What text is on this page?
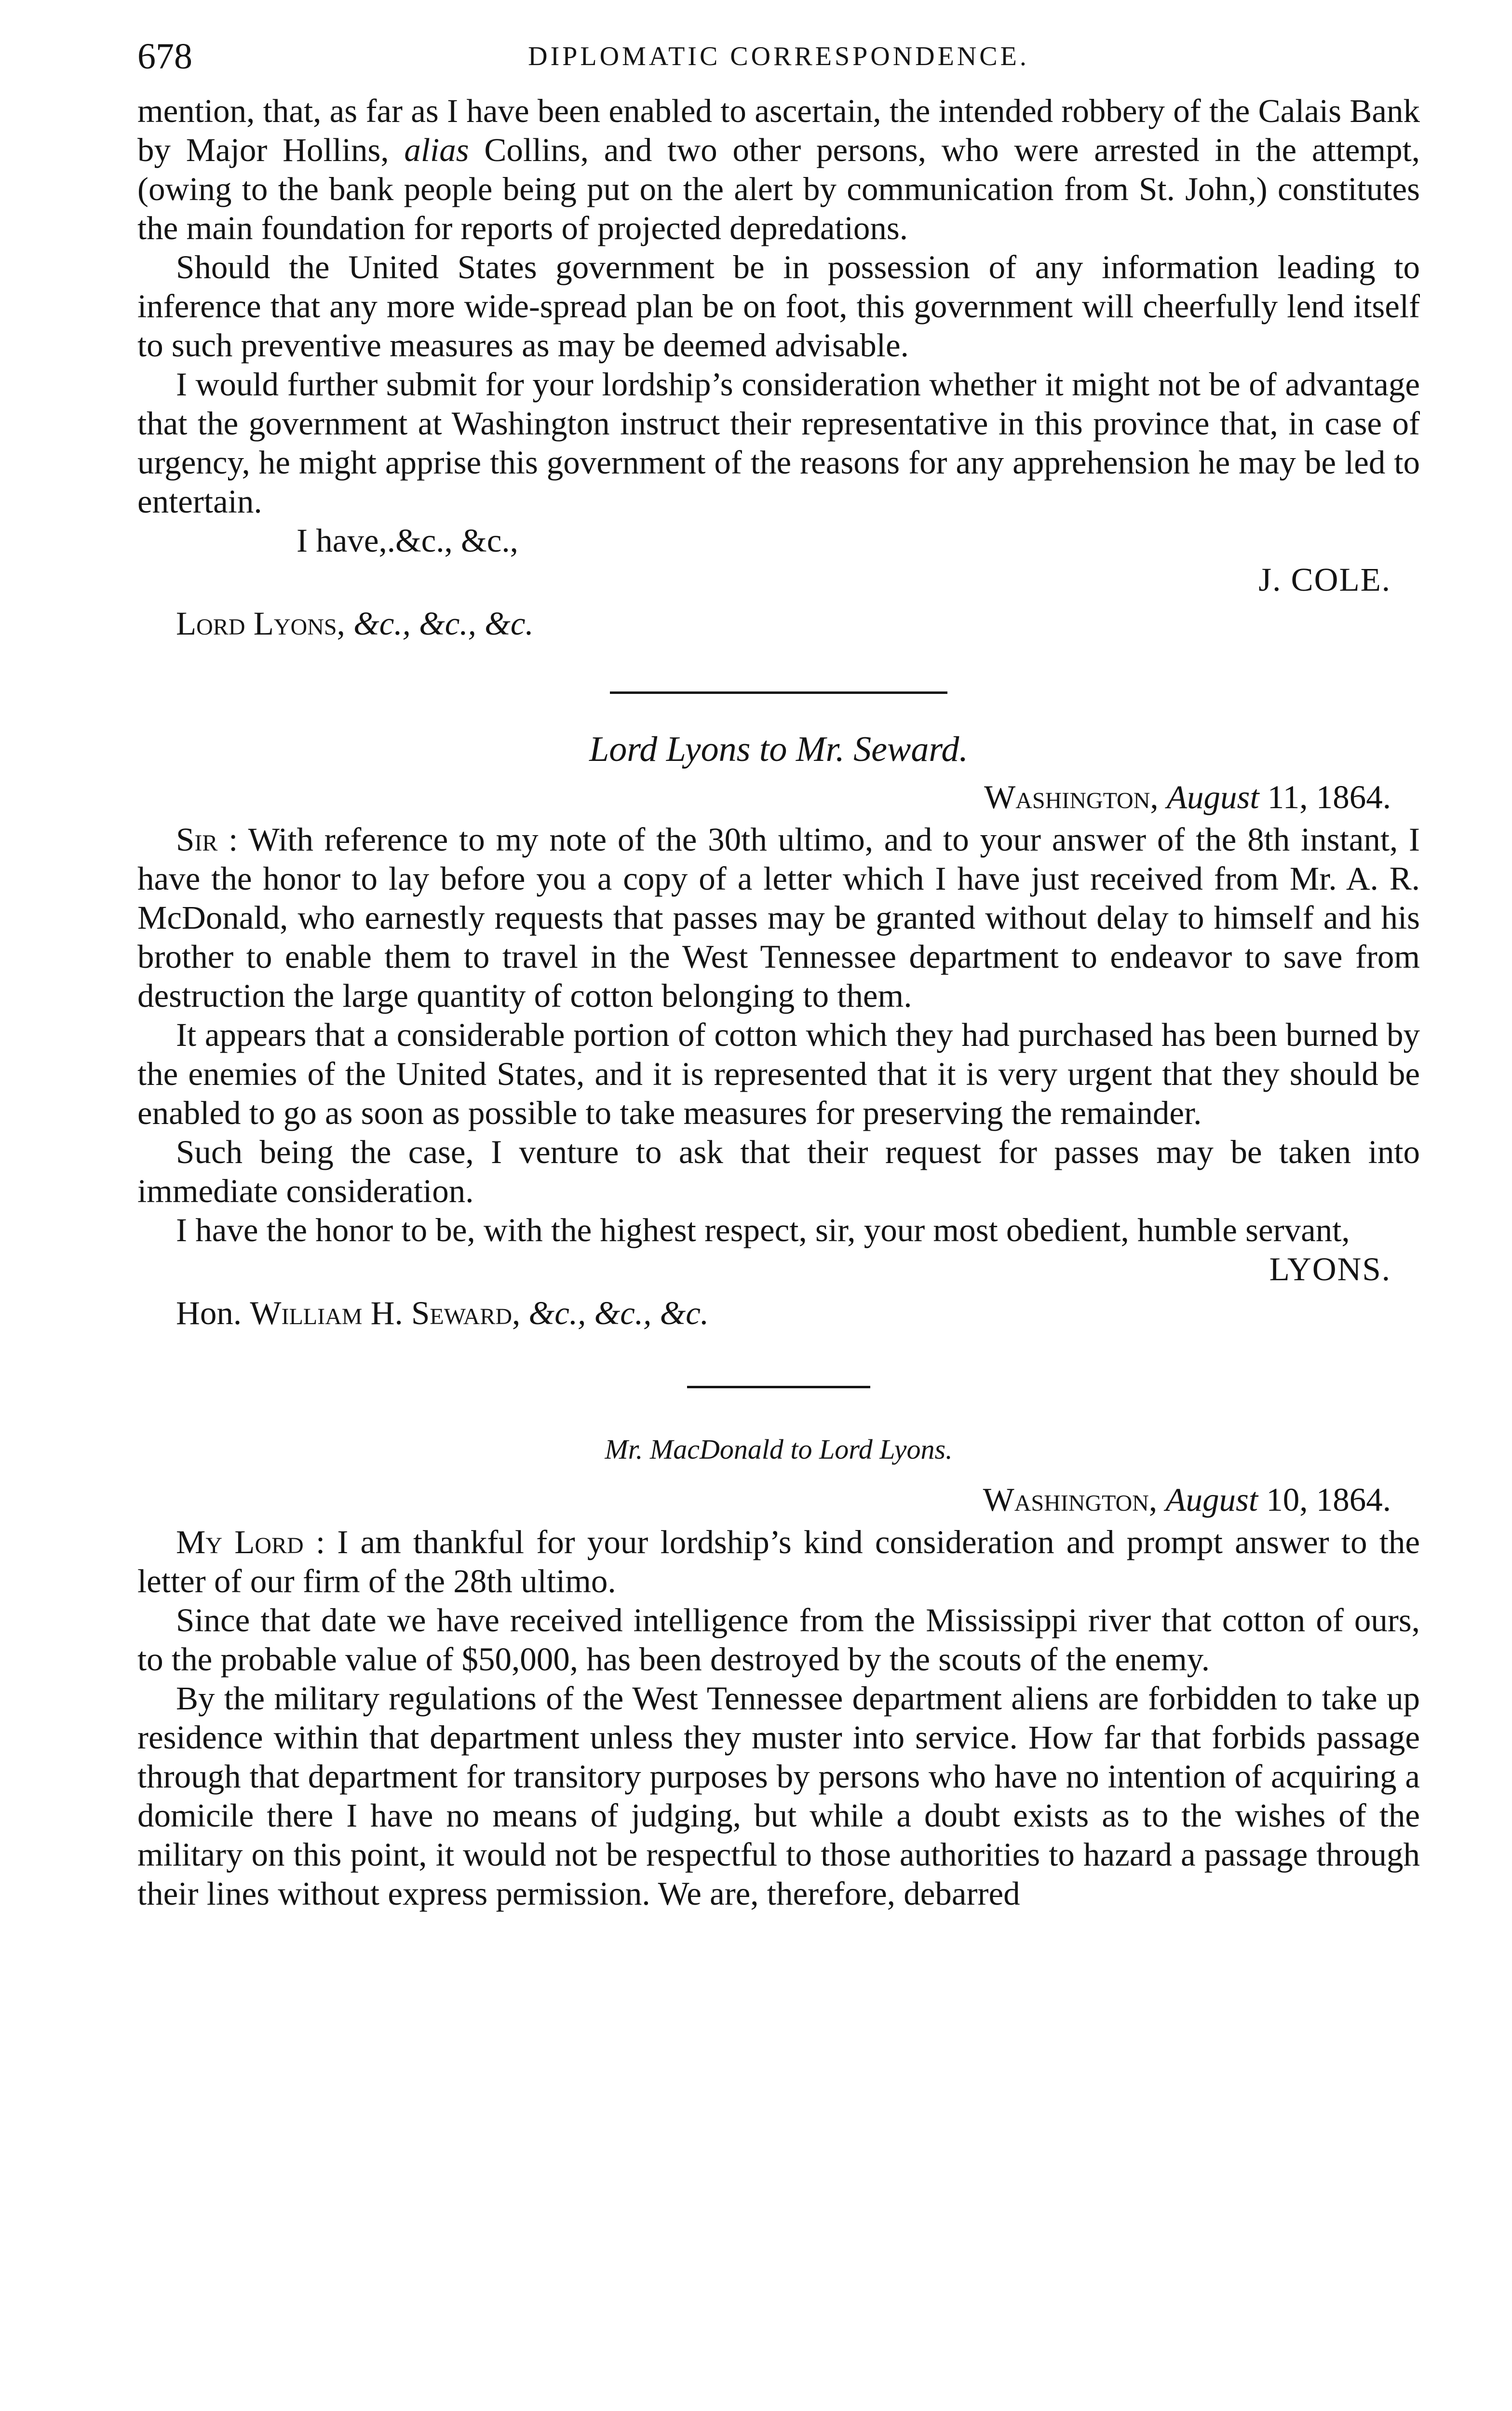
678	DIPLOMATIC CORRESPONDENCE.

mention, that, as far as I have been enabled to ascertain, the intended robbery of the Calais Bank by Major Hollins, alias Collins, and two other persons, who were arrested in the attempt, (owing to the bank people being put on the alert by communication from St. John,) constitutes the main foundation for reports of projected depredations.

Should the United States government be in possession of any information leading to inference that any more wide-spread plan be on foot, this government will cheerfully lend itself to such preventive measures as may be deemed advisable.

I would further submit for your lordship’s consideration whether it might not be of advantage that the government at Washington instruct their representative in this province that, in case of urgency, he might apprise this government of the reasons for any apprehension he may be led to entertain.

I have,.&c., &c.,

J. COLE.

Lord Lyons, &c., &c., &c.

Lord Lyons to Mr. Seward.

Washington, August 11, 1864.

Sir : With reference to my note of the 30th ultimo, and to your answer of the 8th instant, I have the honor to lay before you a copy of a letter which I have just received from Mr. A. R. McDonald, who earnestly requests that passes may be granted without delay to himself and his brother to enable them to travel in the West Tennessee department to endeavor to save from destruction the large quantity of cotton belonging to them.

It appears that a considerable portion of cotton which they had purchased has been burned by the enemies of the United States, and it is represented that it is very urgent that they should be enabled to go as soon as possible to take measures for preserving the remainder.

Such being the case, I venture to ask that their request for passes may be taken into immediate consideration.

I have the honor to be, with the highest respect, sir, your most obedient, humble servant,

LYONS.

Hon. William H. Seward, &c., &c., &c.

Mr. MacDonald to Lord Lyons.

Washington, August 10, 1864.

My Lord : I am thankful for your lordship’s kind consideration and prompt answer to the letter of our firm of the 28th ultimo.

Since that date we have received intelligence from the Mississippi river that cotton of ours, to the probable value of $50,000, has been destroyed by the scouts of the enemy.

By the military regulations of the West Tennessee department aliens are forbidden to take up residence within that department unless they muster into service. How far that forbids passage through that department for transitory purposes by persons who have no intention of acquiring a domicile there I have no means of judging, but while a doubt exists as to the wishes of the military on this point, it would not be respectful to those authorities to hazard a passage through their lines without express permission. We are, therefore, debarred
